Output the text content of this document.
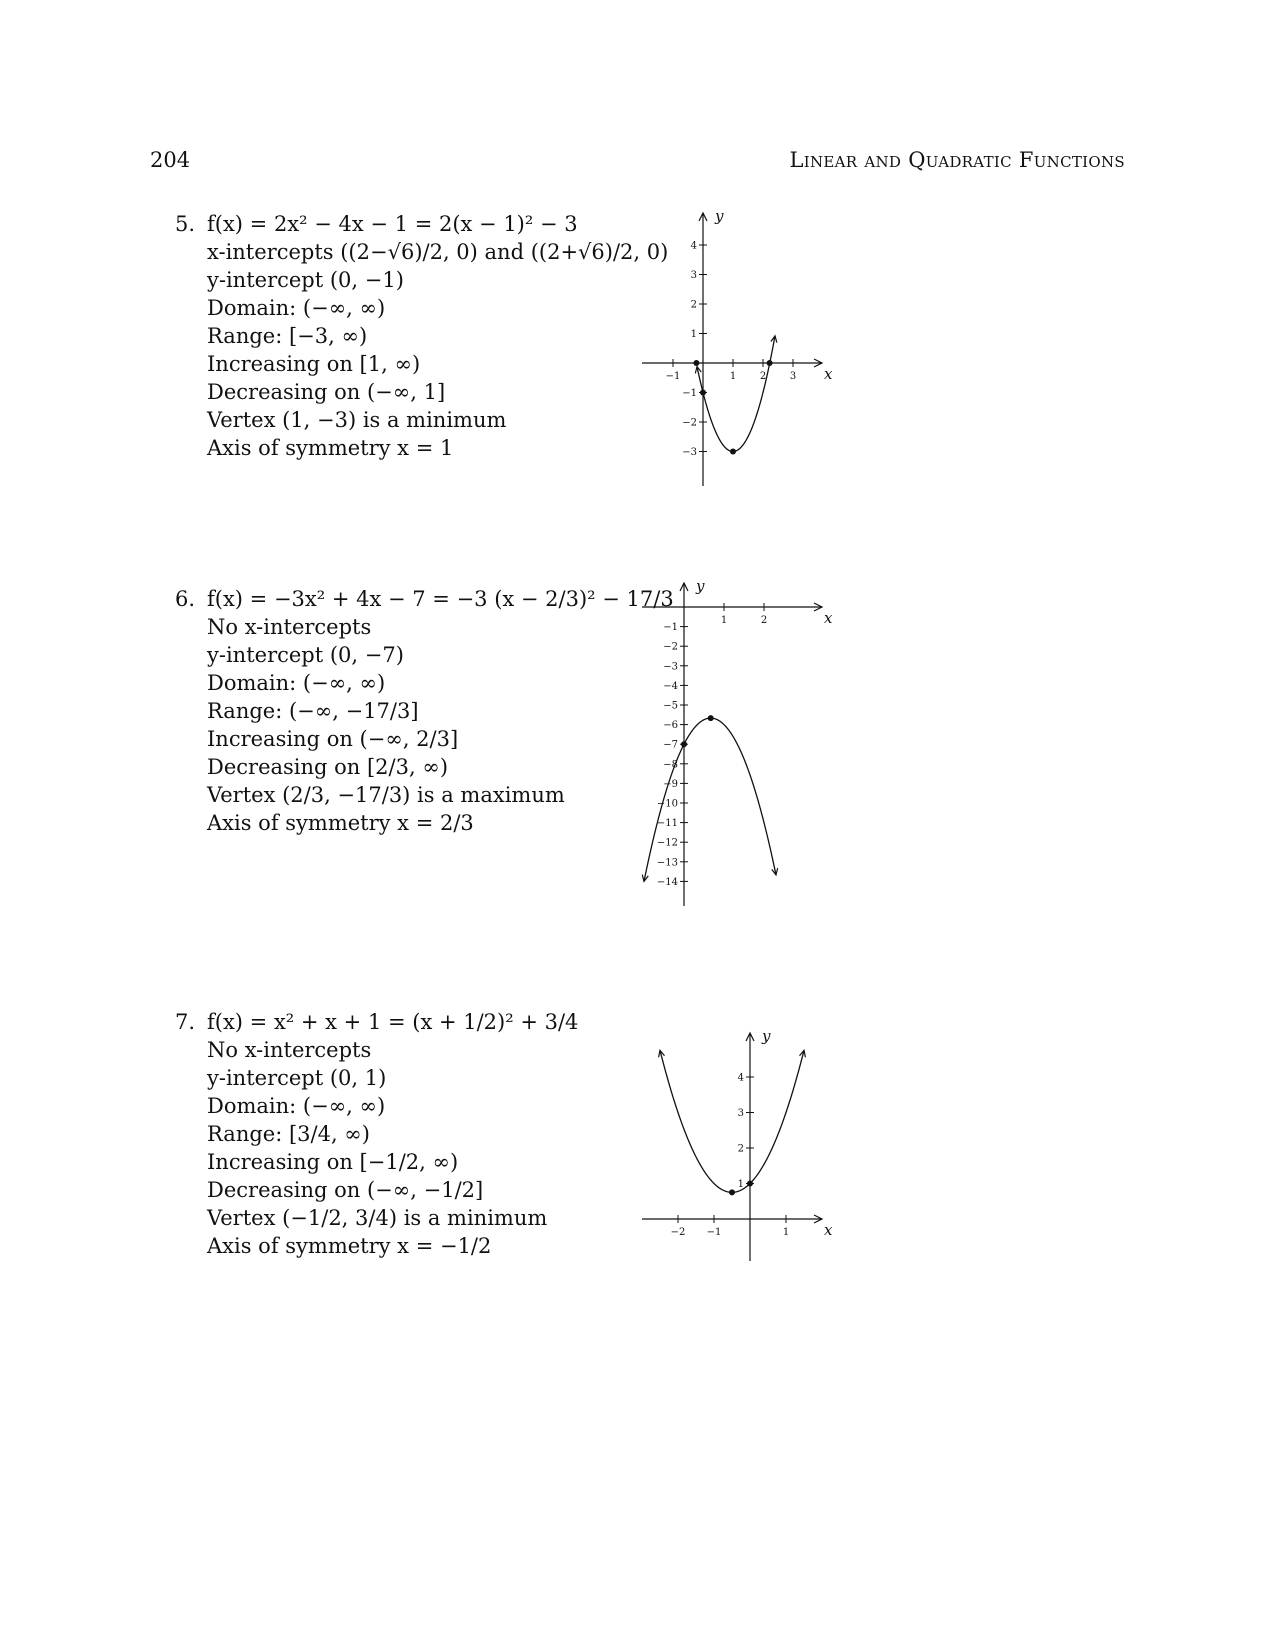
204	Linear and Quadratic Functions
5. f(x) = 2x² − 4x − 1 = 2(x − 1)² − 3
x-intercepts ((2−√6)/2, 0) and ((2+√6)/2, 0)
y-intercept (0, −1)
Domain: (−∞, ∞)
Range: [−3, ∞)
Increasing on [1, ∞)
Decreasing on (−∞, 1]
Vertex (1, −3) is a minimum
Axis of symmetry x = 1
6. f(x) = −3x² + 4x − 7 = −3 (x − 2/3)² − 17/3
No x-intercepts
y-intercept (0, −7)
Domain: (−∞, ∞)
Range: (−∞, −17/3]
Increasing on (−∞, 2/3]
Decreasing on [2/3, ∞)
Vertex (2/3, −17/3) is a maximum
Axis of symmetry x = 2/3
7. f(x) = x² + x + 1 = (x + 1/2)² + 3/4
No x-intercepts
y-intercept (0, 1)
Domain: (−∞, ∞)
Range: [3/4, ∞)
Increasing on [−1/2, ∞)
Decreasing on (−∞, −1/2]
Vertex (−1/2, 3/4) is a minimum
Axis of symmetry x = −1/2
x
y
−1	1 2 3
−3
−2
−1
1
2
3
4
x
y
1	2
−1
−2
−3
−4
−5
−6
−7
−8
−9
−10
−11
−12
−13
−14
x
y
−2 −1	1
1
2
3
4
